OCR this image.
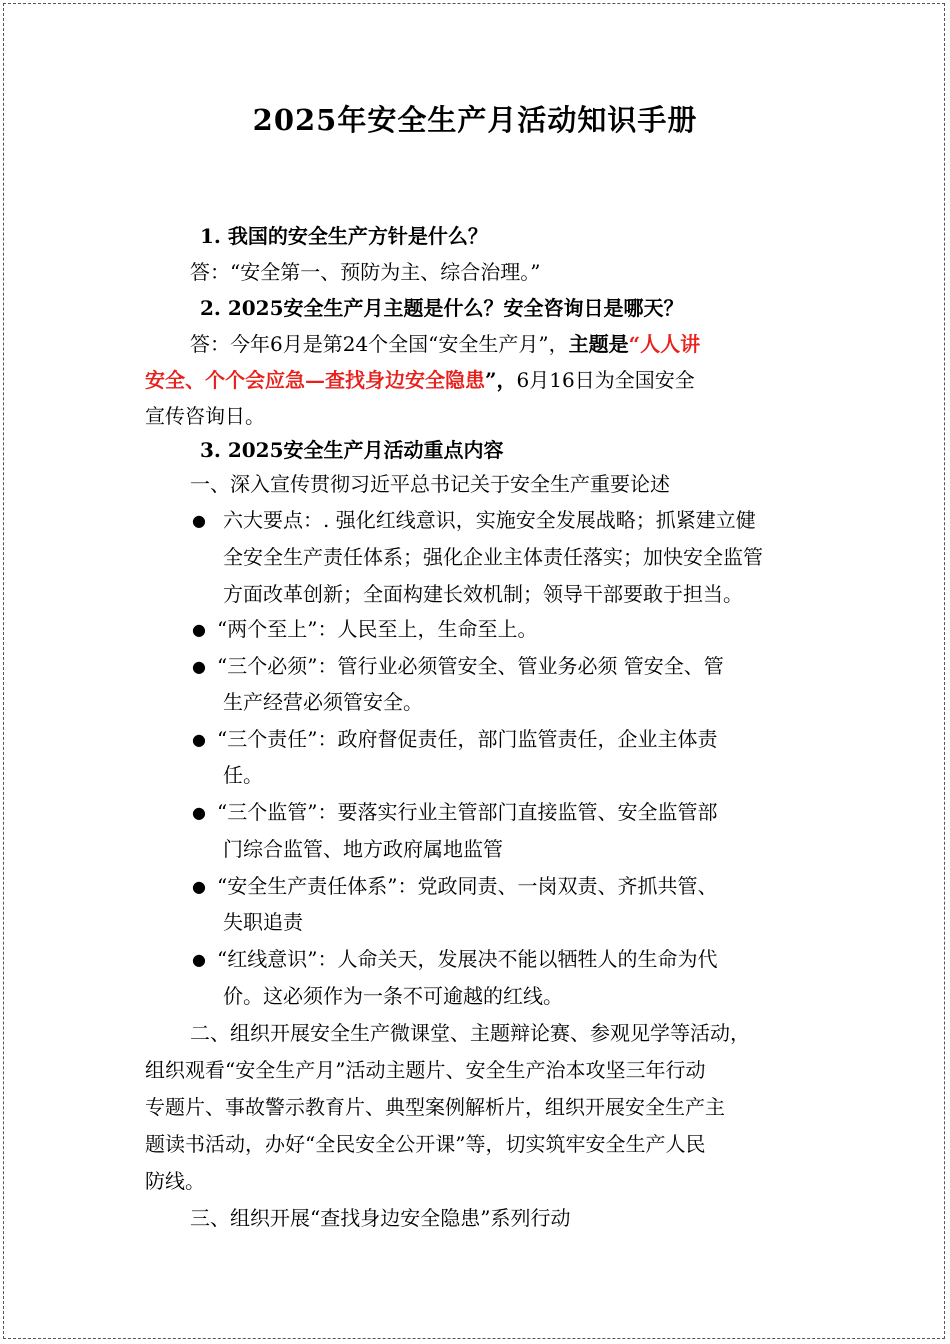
2025年安全生产月活动知识手册
1. 我国的安全生产方针是什么？
答：“安全第一、预防为主、综合治理。”
2. 2025安全生产月主题是什么？安全咨询日是哪天？
答：今年6月是第24个全国“安全生产月”，主题是“人人讲
安全、个个会应急—查找身边安全隐患”，6月16日为全国安全
宣传咨询日。
3. 2025安全生产月活动重点内容
一、深入宣传贯彻习近平总书记关于安全生产重要论述
● 六大要点：. 强化红线意识，实施安全发展战略；抓紧建立健
全安全生产责任体系；强化企业主体责任落实；加快安全监管
方面改革创新；全面构建长效机制；领导干部要敢于担当。
● “两个至上”：人民至上，生命至上。
● “三个必须”：管行业必须管安全、管业务必须 管安全、管
生产经营必须管安全。
● “三个责任”：政府督促责任，部门监管责任，企业主体责
任。
● “三个监管”：要落实行业主管部门直接监管、安全监管部
门综合监管、地方政府属地监管
● “安全生产责任体系”：党政同责、一岗双责、齐抓共管、
失职追责
● “红线意识”：人命关天，发展决不能以牺牲人的生命为代
价。这必须作为一条不可逾越的红线。
二、组织开展安全生产微课堂、主题辩论赛、参观见学等活动，
组织观看“安全生产月”活动主题片、安全生产治本攻坚三年行动
专题片、事故警示教育片、典型案例解析片，组织开展安全生产主
题读书活动，办好“全民安全公开课”等，切实筑牢安全生产人民
防线。
三、组织开展“查找身边安全隐患”系列行动
